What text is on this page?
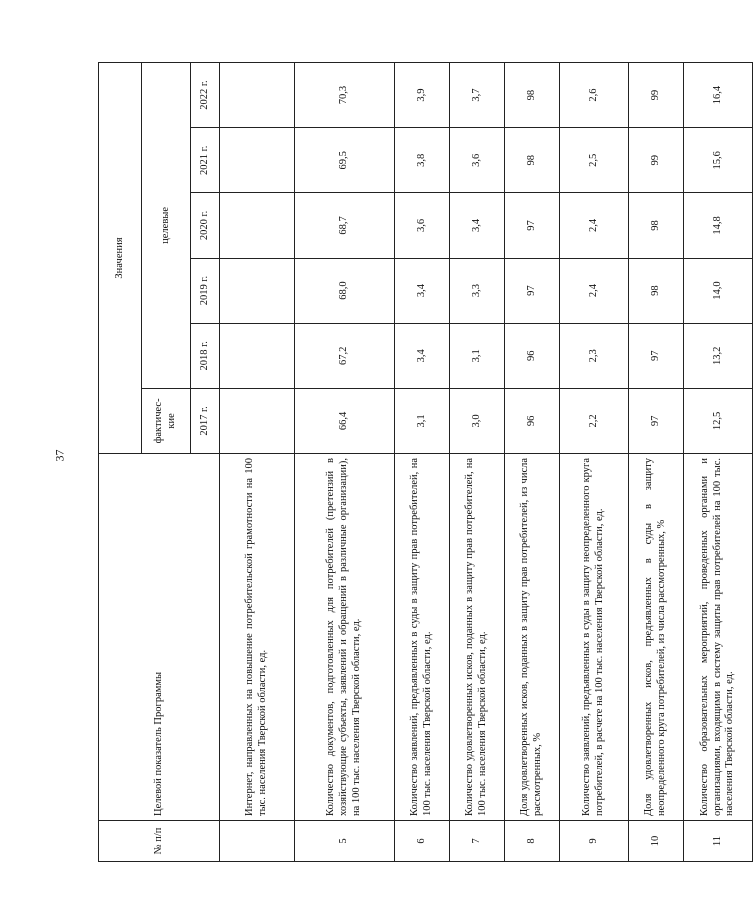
37
№ п/п	Целевой показатель Программы	Значения					
		фактичес-кие	целевые				
		2017 г.	2018 г.	2019 г.	2020 г.	2021 г.	2022 г.
	Интернет, направленных на повышение потребительской грамотности на 100 тыс. населения Тверской области, ед.						
5	Количество документов, подготовленных для потребителей (претензий в хозяйствующие субъекты, заявлений и обращений в различные организации), на 100 тыс. населения Тверской области, ед.	66,4	67,2	68,0	68,7	69,5	70,3
6	Количество заявлений, предъявленных в суды в защиту прав потребителей, на 100 тыс. населения Тверской области, ед.	3,1	3,4	3,4	3,6	3,8	3,9
7	Количество удовлетворенных исков, поданных в защиту прав потребителей, на 100 тыс. населения Тверской области, ед.	3,0	3,1	3,3	3,4	3,6	3,7
8	Доля удовлетворенных исков, поданных в защиту прав потребителей, из числа рассмотренных, %	96	96	97	97	98	98
9	Количество заявлений, предъявленных в суды в защиту неопределенного круга потребителей, в расчете на 100 тыс. населения Тверской области, ед.	2,2	2,3	2,4	2,4	2,5	2,6
10	Доля удовлетворенных исков, предъявленных в суды в защиту неопределенного круга потребителей, из числа рассмотренных, %	97	97	98	98	99	99
11	Количество образовательных мероприятий, проведенных органами и организациями, входящими в систему защиты прав потребителей на 100 тыс. населения Тверской области, ед.	12,5	13,2	14,0	14,8	15,6	16,4
